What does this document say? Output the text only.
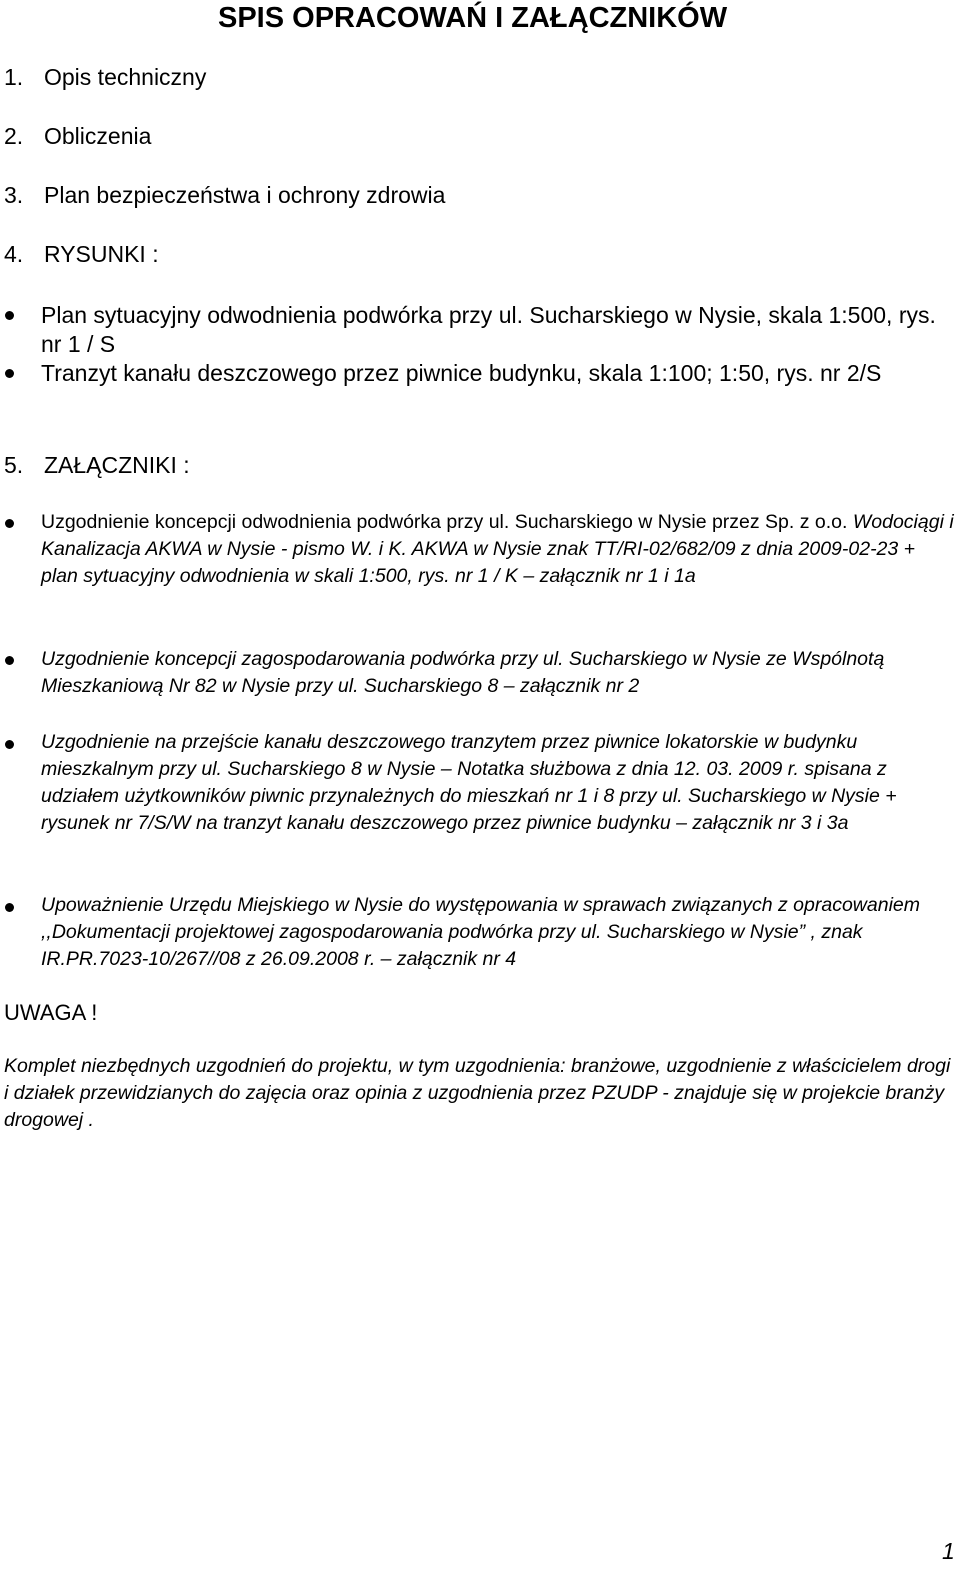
SPIS OPRACOWAŃ I ZAŁĄCZNIKÓW
1. Opis techniczny
2. Obliczenia
3. Plan bezpieczeństwa i ochrony zdrowia
4. RYSUNKI :
Plan sytuacyjny odwodnienia podwórka przy ul. Sucharskiego w Nysie, skala 1:500, rys. nr 1 / S
Tranzyt kanału deszczowego przez piwnice budynku, skala 1:100; 1:50, rys. nr 2/S
5. ZAŁĄCZNIKI :
Uzgodnienie koncepcji odwodnienia podwórka przy ul. Sucharskiego w Nysie przez Sp. z o.o. Wodociągi i Kanalizacja AKWA w Nysie - pismo W. i K. AKWA w Nysie znak TT/RI-02/682/09 z dnia 2009-02-23 + plan sytuacyjny odwodnienia w skali 1:500, rys. nr 1 / K – załącznik nr 1 i 1a
Uzgodnienie koncepcji zagospodarowania podwórka przy ul. Sucharskiego w Nysie ze Wspólnotą Mieszkaniową Nr 82 w Nysie przy ul. Sucharskiego 8 – załącznik nr 2
Uzgodnienie na przejście kanału deszczowego tranzytem przez piwnice lokatorskie w budynku mieszkalnym przy ul. Sucharskiego 8 w Nysie – Notatka służbowa z dnia 12. 03. 2009 r. spisana z udziałem użytkowników piwnic przynależnych do mieszkań nr 1 i 8 przy ul. Sucharskiego w Nysie + rysunek nr 7/S/W na tranzyt kanału deszczowego przez piwnice budynku – załącznik nr 3 i 3a
Upoważnienie Urzędu Miejskiego w Nysie do występowania w sprawach związanych z opracowaniem ,,Dokumentacji projektowej zagospodarowania podwórka przy ul. Sucharskiego w Nysie” , znak IR.PR.7023-10/267//08 z 26.09.2008 r. – załącznik nr 4
UWAGA !
Komplet niezbędnych uzgodnień do projektu, w tym uzgodnienia: branżowe, uzgodnienie z właścicielem drogi i działek przewidzianych do zajęcia oraz opinia z uzgodnienia przez PZUDP - znajduje się w projekcie branży drogowej .
1
